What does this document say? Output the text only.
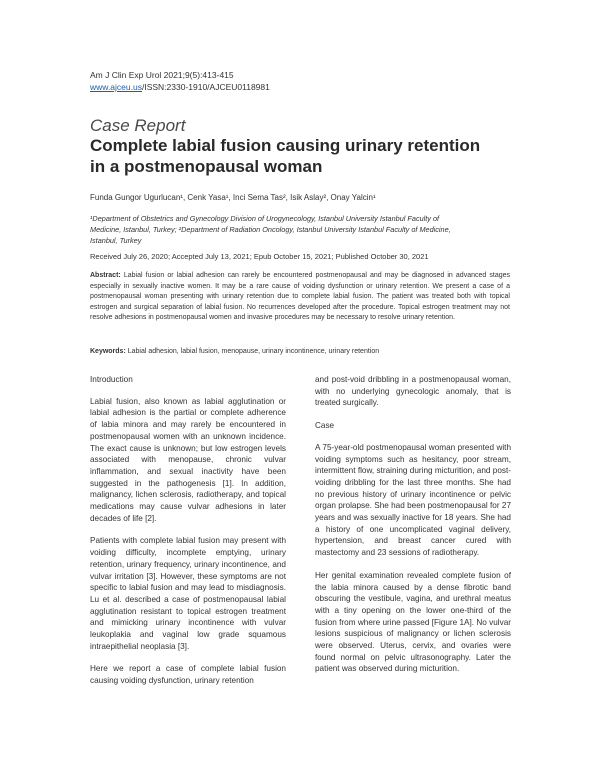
Am J Clin Exp Urol 2021;9(5):413-415
www.ajceu.us/ISSN:2330-1910/AJCEU0118981
Case Report
Complete labial fusion causing urinary retention
in a postmenopausal woman
Funda Gungor Ugurlucan¹, Cenk Yasa¹, Inci Sema Tas², Isik Aslay², Onay Yalcin¹
¹Department of Obstetrics and Gynecology Division of Urogynecology, Istanbul University Istanbul Faculty of
Medicine, Istanbul, Turkey; ²Department of Radiation Oncology, Istanbul University Istanbul Faculty of Medicine,
Istanbul, Turkey
Received July 26, 2020; Accepted July 13, 2021; Epub October 15, 2021; Published October 30, 2021
Abstract: Labial fusion or labial adhesion can rarely be encountered postmenopausal and may be diagnosed in advanced stages especially in sexually inactive women. It may be a rare cause of voiding dysfunction or urinary retention. We present a case of a postmenopausal woman presenting with urinary retention due to complete labial fusion. The patient was treated both with topical estrogen and surgical separation of labial fusion. No recurrences developed after the procedure. Topical estrogen treatment may not resolve adhesions in postmenopausal women and invasive procedures may be necessary to resolve urinary retention.
Keywords: Labial adhesion, labial fusion, menopause, urinary incontinence, urinary retention
Introduction

Labial fusion, also known as labial agglutination or labial adhesion is the partial or complete adherence of labia minora and may rarely be encountered in postmenopausal women with an unknown incidence. The exact cause is unknown; but low estrogen levels associated with menopause, chronic vulvar inflammation, and sexual inactivity have been suggested in the pathogenesis [1]. In addition, malignancy, lichen sclerosis, radiotherapy, and topical medications may cause vulvar adhesions in later decades of life [2].

Patients with complete labial fusion may present with voiding difficulty, incomplete emptying, urinary retention, urinary frequency, urinary incontinence, and vulvar irritation [3]. However, these symptoms are not specific to labial fusion and may lead to misdiagnosis. Lu et al. described a case of postmenopausal labial agglutination resistant to topical estrogen treatment and mimicking urinary incontinence with vulvar leukoplakia and vaginal low grade squamous intraepithelial neoplasia [3].

Here we report a case of complete labial fusion causing voiding dysfunction, urinary retention

and post-void dribbling in a postmenopausal woman, with no underlying gynecologic anomaly, that is treated surgically.

Case

A 75-year-old postmenopausal woman presented with voiding symptoms such as hesitancy, poor stream, intermittent flow, straining during micturition, and post-voiding dribbling for the last three months. She had no previous history of urinary incontinence or pelvic organ prolapse. She had been postmenopausal for 27 years and was sexually inactive for 18 years. She had a history of one uncomplicated vaginal delivery, hypertension, and breast cancer cured with mastectomy and 23 sessions of radiotherapy.

Her genital examination revealed complete fusion of the labia minora caused by a dense fibrotic band obscuring the vestibule, vagina, and urethral meatus with a tiny opening on the lower one-third of the fusion from where urine passed [Figure 1A]. No vulvar lesions suspicious of malignancy or lichen sclerosis were observed. Uterus, cervix, and ovaries were found normal on pelvic ultrasonography. Later the patient was observed during micturition.
